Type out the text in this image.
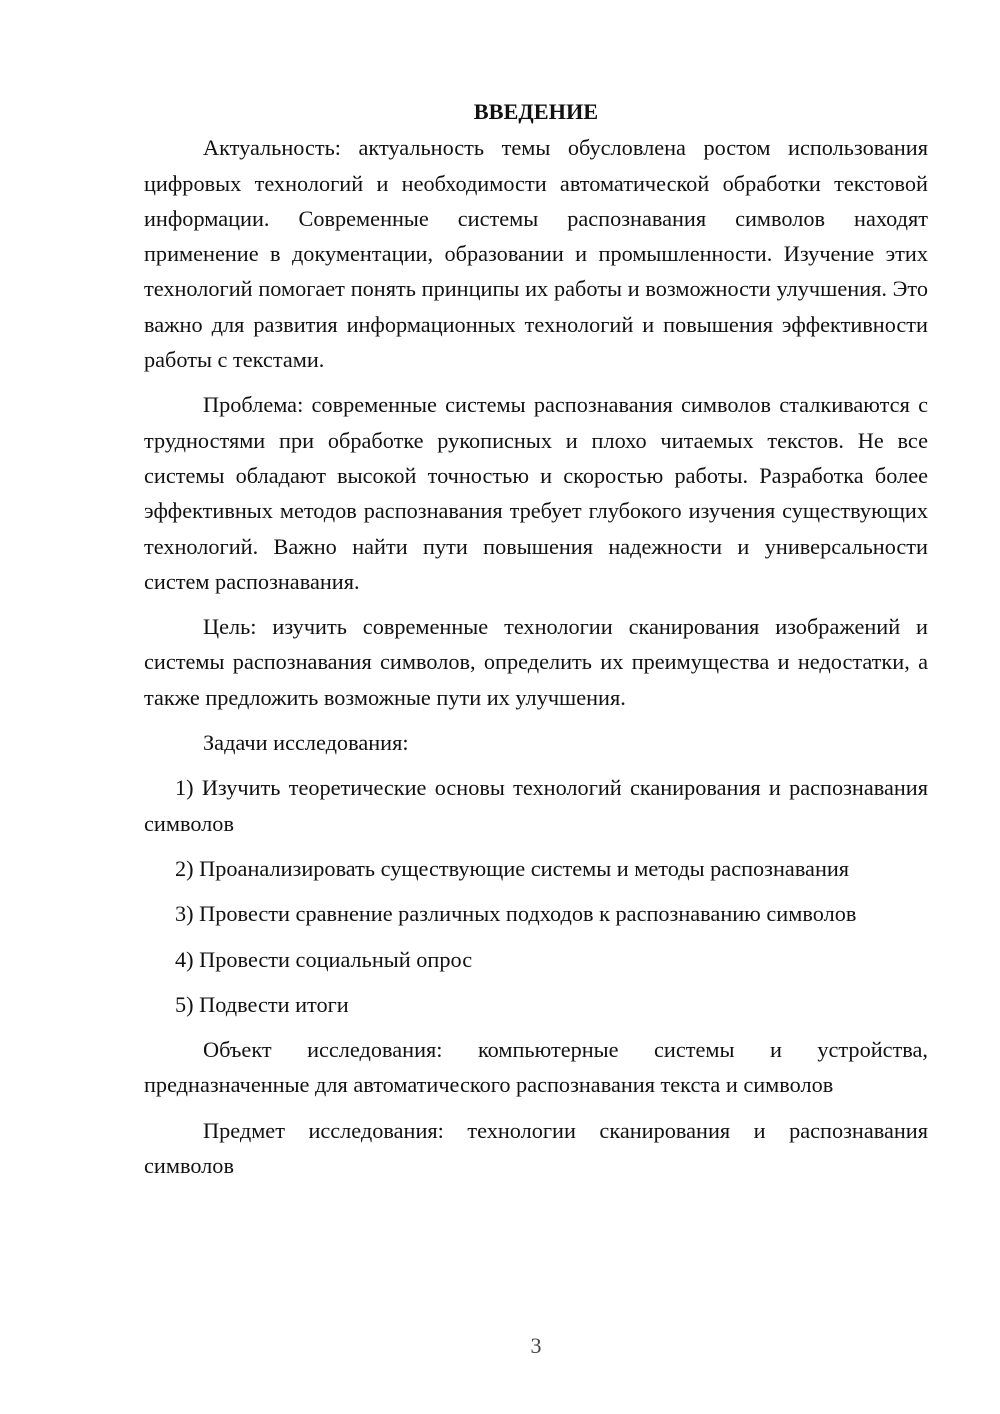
ВВЕДЕНИЕ

Актуальность: актуальность темы обусловлена ростом использования цифровых технологий и необходимости автоматической обработки текстовой информации. Современные системы распознавания символов находят применение в документации, образовании и промышленности. Изучение этих технологий помогает понять принципы их работы и возможности улучшения. Это важно для развития информационных технологий и повышения эффективности работы с текстами.

Проблема: современные системы распознавания символов сталкиваются с трудностями при обработке рукописных и плохо читаемых текстов. Не все системы обладают высокой точностью и скоростью работы. Разработка более эффективных методов распознавания требует глубокого изучения существующих технологий. Важно найти пути повышения надежности и универсальности систем распознавания.

Цель: изучить современные технологии сканирования изображений и системы распознавания символов, определить их преимущества и недостатки, а также предложить возможные пути их улучшения.

Задачи исследования:

1) Изучить теоретические основы технологий сканирования и распознавания символов

2) Проанализировать существующие системы и методы распознавания

3) Провести сравнение различных подходов к распознаванию символов

4) Провести социальный опрос

5) Подвести итоги

Объект исследования: компьютерные системы и устройства, предназначенные для автоматического распознавания текста и символов

Предмет исследования: технологии сканирования и распознавания символов

3
